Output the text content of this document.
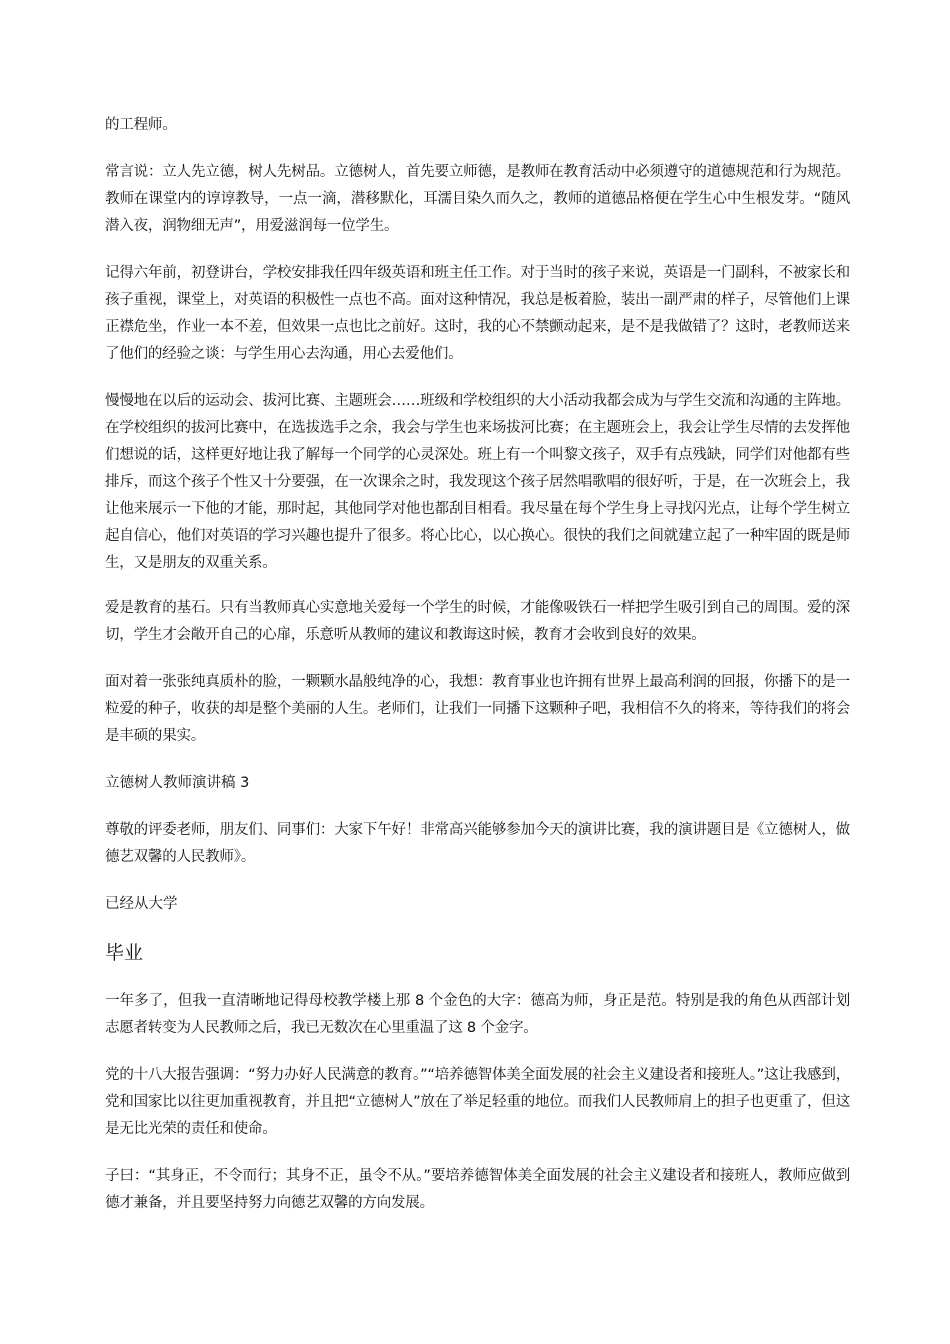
的工程师。

常言说：立人先立德，树人先树品。立德树人，首先要立师德，是教师在教育活动中必须遵守的道德规范和行为规范。教师在课堂内的谆谆教导，一点一滴，潜移默化，耳濡目染久而久之，教师的道德品格便在学生心中生根发芽。“随风潜入夜，润物细无声”，用爱滋润每一位学生。

记得六年前，初登讲台，学校安排我任四年级英语和班主任工作。对于当时的孩子来说，英语是一门副科，不被家长和孩子重视，课堂上，对英语的积极性一点也不高。面对这种情况，我总是板着脸，装出一副严肃的样子，尽管他们上课正襟危坐，作业一本不差，但效果一点也比之前好。这时，我的心不禁颤动起来，是不是我做错了？这时，老教师送来了他们的经验之谈：与学生用心去沟通，用心去爱他们。

慢慢地在以后的运动会、拔河比赛、主题班会……班级和学校组织的大小活动我都会成为与学生交流和沟通的主阵地。在学校组织的拔河比赛中，在选拔选手之余，我会与学生也来场拔河比赛；在主题班会上，我会让学生尽情的去发挥他们想说的话，这样更好地让我了解每一个同学的心灵深处。班上有一个叫黎文孩子，双手有点残缺，同学们对他都有些排斥，而这个孩子个性又十分要强，在一次课余之时，我发现这个孩子居然唱歌唱的很好听，于是，在一次班会上，我让他来展示一下他的才能，那时起，其他同学对他也都刮目相看。我尽量在每个学生身上寻找闪光点，让每个学生树立起自信心，他们对英语的学习兴趣也提升了很多。将心比心，以心换心。很快的我们之间就建立起了一种牢固的既是师生，又是朋友的双重关系。

爱是教育的基石。只有当教师真心实意地关爱每一个学生的时候，才能像吸铁石一样把学生吸引到自己的周围。爱的深切，学生才会敞开自己的心扉，乐意听从教师的建议和教诲这时候，教育才会收到良好的效果。

面对着一张张纯真质朴的脸，一颗颗水晶般纯净的心，我想：教育事业也许拥有世界上最高利润的回报，你播下的是一粒爱的种子，收获的却是整个美丽的人生。老师们，让我们一同播下这颗种子吧，我相信不久的将来，等待我们的将会是丰硕的果实。

立德树人教师演讲稿 3

尊敬的评委老师，朋友们、同事们：大家下午好！非常高兴能够参加今天的演讲比赛，我的演讲题目是《立德树人，做德艺双馨的人民教师》。

已经从大学

毕业

一年多了，但我一直清晰地记得母校教学楼上那 8 个金色的大字：德高为师，身正是范。特别是我的角色从西部计划志愿者转变为人民教师之后，我已无数次在心里重温了这 8 个金字。

党的十八大报告强调：“努力办好人民满意的教育。”“培养德智体美全面发展的社会主义建设者和接班人。”这让我感到，党和国家比以往更加重视教育，并且把“立德树人”放在了举足轻重的地位。而我们人民教师肩上的担子也更重了，但这是无比光荣的责任和使命。

子曰：“其身正，不令而行；其身不正，虽令不从。”要培养德智体美全面发展的社会主义建设者和接班人，教师应做到德才兼备，并且要坚持努力向德艺双馨的方向发展。
